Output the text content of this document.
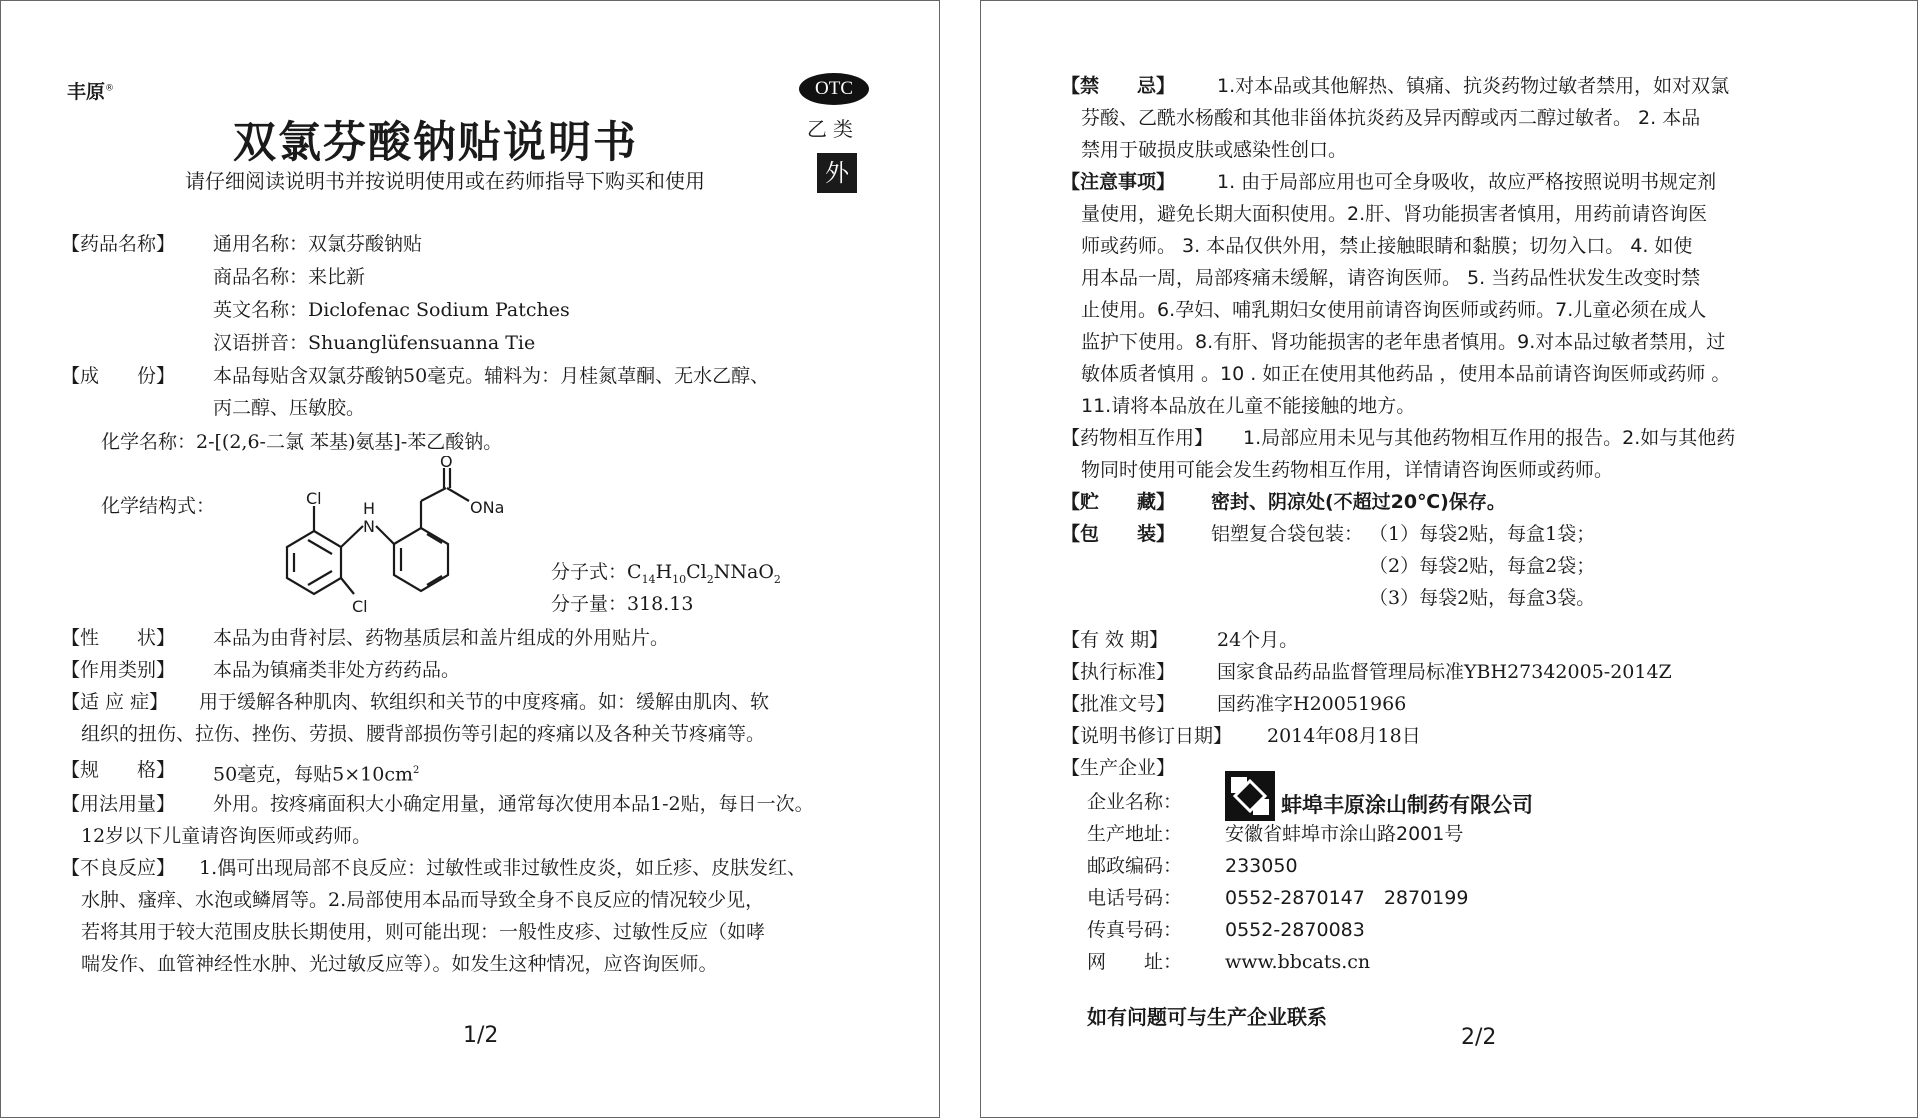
丰原®
双氯芬酸钠贴说明书
请仔细阅读说明书并按说明使用或在药师指导下购买和使用
OTC
乙类
外
【药品名称】 通用名称：双氯芬酸钠贴
商品名称：来比新
英文名称：Diclofenac Sodium Patches
汉语拼音：Shuanglüfensuanna Tie
【成　　份】 本品每贴含双氯芬酸钠50毫克。辅料为：月桂氮䓬酮、无水乙醇、
丙二醇、压敏胶。
化学名称：2-[(2,6-二氯 苯基)氨基]-苯乙酸钠。
化学结构式：	Cl
Cl
H
N
O
ONa
分子式：$C_{14}H_{10}Cl_2NNaO_2$
分子量：318.13
【性　　状】 本品为由背衬层、药物基质层和盖片组成的外用贴片。
【作用类别】 本品为镇痛类非处方药药品。
【适 应 症】 用于缓解各种肌肉、软组织和关节的中度疼痛。如：缓解由肌肉、软
组织的扭伤、拉伤、挫伤、劳损、腰背部损伤等引起的疼痛以及各种关节疼痛等。
【规　　格】 50毫克，每贴$5\times 10cm^2$
【用法用量】 外用。按疼痛面积大小确定用量，通常每次使用本品1-2贴，每日一次。
12岁以下儿童请咨询医师或药师。
【不良反应】 1.偶可出现局部不良反应：过敏性或非过敏性皮炎，如丘疹、皮肤发红、
水肿、瘙痒、水泡或鳞屑等。2.局部使用本品而导致全身不良反应的情况较少见，
若将其用于较大范围皮肤长期使用，则可能出现：一般性皮疹、过敏性反应（如哮
喘发作、血管神经性水肿、光过敏反应等）。如发生这种情况，应咨询医师。
1/2
【禁　　忌】 1.对本品或其他解热、镇痛、抗炎药物过敏者禁用，如对双氯
芬酸、乙酰水杨酸和其他非甾体抗炎药及异丙醇或丙二醇过敏者。 2. 本品
禁用于破损皮肤或感染性创口。
【注意事项】 1. 由于局部应用也可全身吸收，故应严格按照说明书规定剂
量使用，避免长期大面积使用。2.肝、肾功能损害者慎用，用药前请咨询医
师或药师。 3. 本品仅供外用，禁止接触眼睛和黏膜；切勿入口。 4. 如使
用本品一周，局部疼痛未缓解，请咨询医师。 5. 当药品性状发生改变时禁
止使用。6.孕妇、哺乳期妇女使用前请咨询医师或药师。7.儿童必须在成人
监护下使用。8.有肝、肾功能损害的老年患者慎用。9.对本品过敏者禁用，过
敏体质者慎用 。10 . 如正在使用其他药品 ，使用本品前请咨询医师或药师 。
11.请将本品放在儿童不能接触的地方。
【药物相互作用】 1.局部应用未见与其他药物相互作用的报告。2.如与其他药
物同时使用可能会发生药物相互作用，详情请咨询医师或药师。
【贮　　藏】 密封、阴凉处(不超过20℃)保存。
【包　　装】 铝塑复合袋包装： （1）每袋2贴，每盒1袋；
（2）每袋2贴，每盒2袋；
（3）每袋2贴，每盒3袋。
【有 效 期】	24个月。
【执行标准】 国家食品药品监督管理局标准YBH27342005-2014Z
【批准文号】 国药准字H20051966
【说明书修订日期】 2014年08月18日
【生产企业】
企业名称：	蚌埠丰原涂山制药有限公司
生产地址： 安徽省蚌埠市涂山路2001号
邮政编码： 233050
电话号码： 0552-2870147　2870199
传真号码： 0552-2870083
网　　址： www.bbcats.cn
如有问题可与生产企业联系
2/2
